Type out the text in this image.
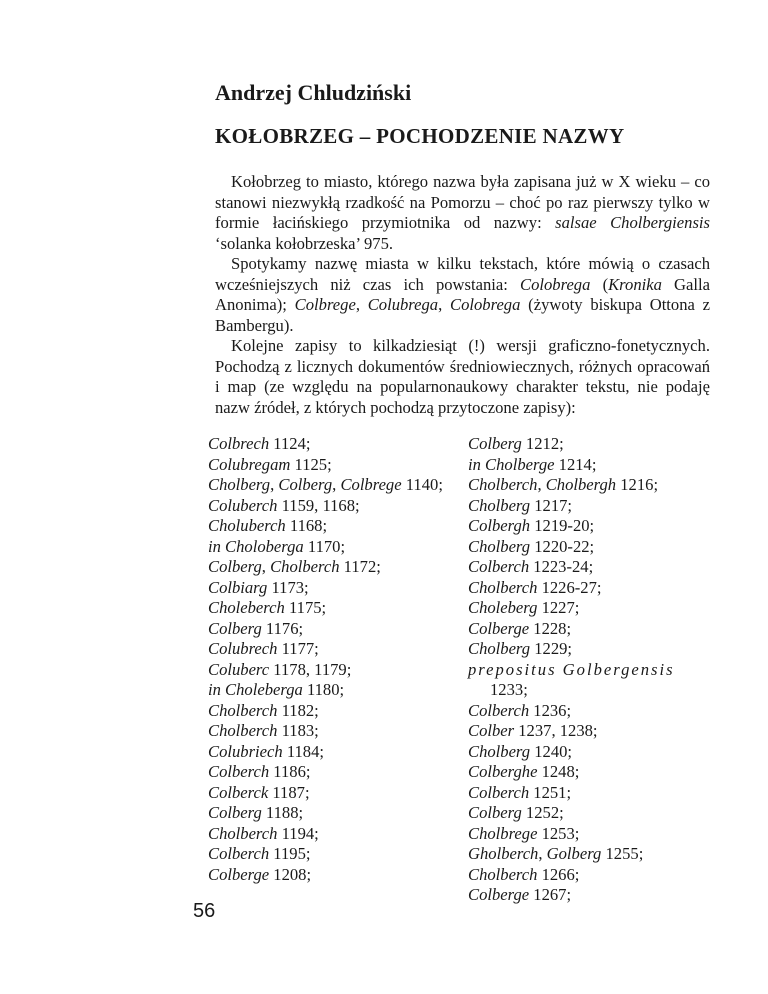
Andrzej Chludziński
KOŁOBRZEG – POCHODZENIE NAZWY

Kołobrzeg to miasto, którego nazwa była zapisana już w X wieku – co stanowi niezwykłą rzadkość na Pomorzu – choć po raz pierwszy tylko w formie łacińskiego przymiotnika od nazwy: salsae Cholbergiensis ‘solanka kołobrzeska’ 975.

Spotykamy nazwę miasta w kilku tekstach, które mówią o czasach wcześniejszych niż czas ich powstania: Colobrega (Kronika Galla Anonima); Colbrege, Colubrega, Colobrega (żywoty biskupa Ottona z Bambergu).

Kolejne zapisy to kilkadziesiąt (!) wersji graficzno-fonetycznych. Pochodzą z licznych dokumentów średniowiecznych, różnych opracowań i map (ze względu na popularnonaukowy charakter tekstu, nie podaję nazw źródeł, z których pochodzą przytoczone zapisy):

Colbrech 1124;
Colubregam 1125;
Cholberg, Colberg, Colbrege 1140;
Coluberch 1159, 1168;
Choluberch 1168;
in Choloberga 1170;
Colberg, Cholberch 1172;
Colbiarg 1173;
Choleberch 1175;
Colberg 1176;
Colubrech 1177;
Coluberc 1178, 1179;
in Choleberga 1180;
Cholberch 1182;
Cholberch 1183;
Colubriech 1184;
Colberch 1186;
Colberck 1187;
Colberg 1188;
Cholberch 1194;
Colberch 1195;
Colberge 1208;
Colberg 1212;
in Cholberge 1214;
Cholberch, Cholbergh 1216;
Cholberg 1217;
Colbergh 1219-20;
Cholberg 1220-22;
Colberch 1223-24;
Cholberch 1226-27;
Choleberg 1227;
Colberge 1228;
Cholberg 1229;
prepositus Golbergensis 1233;
Colberch 1236;
Colber 1237, 1238;
Cholberg 1240;
Colberghe 1248;
Colberch 1251;
Colberg 1252;
Cholbrege 1253;
Gholberch, Golberg 1255;
Cholberch 1266;
Colberge 1267;
56
